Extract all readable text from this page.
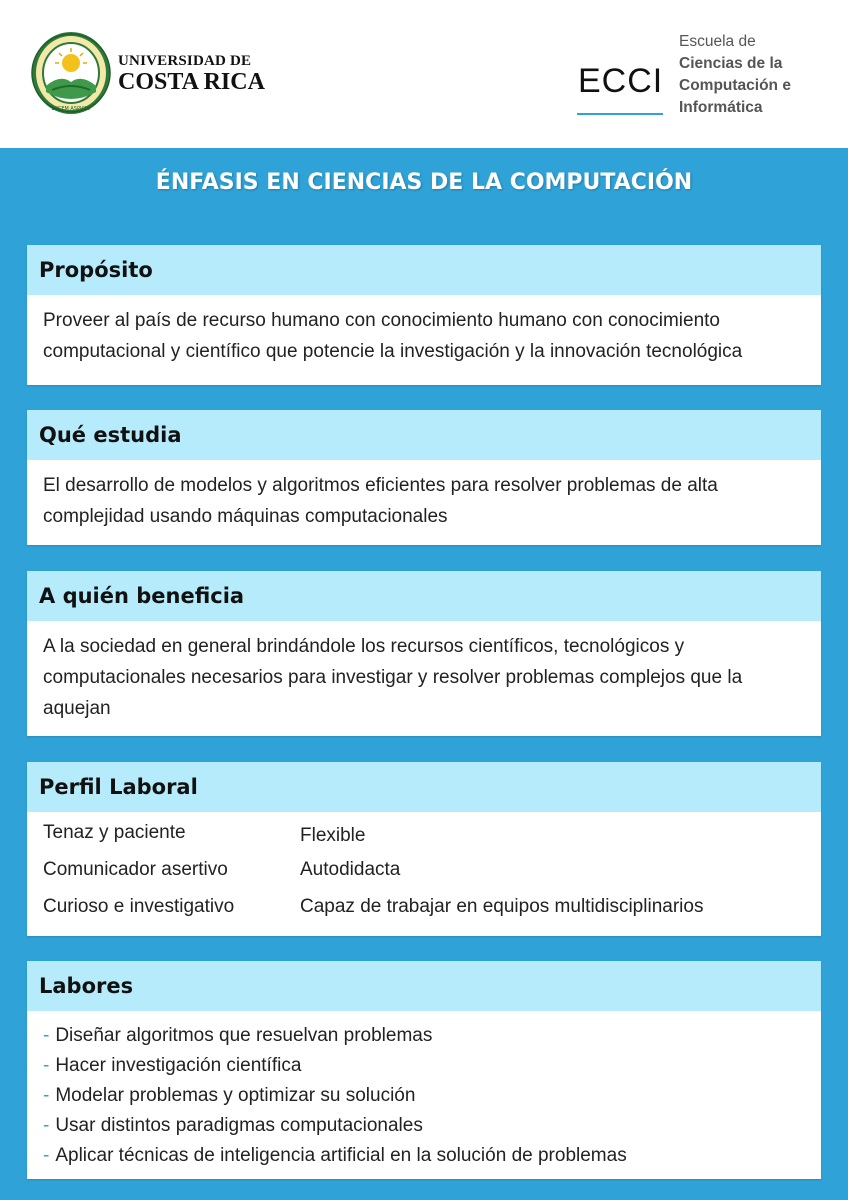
LUCEM ASPICIO
UNIVERSIDAD DE
COSTA RICA	ECCI
Escuela de
Ciencias de la
Computación e
Informática
ÉNFASIS EN CIENCIAS DE LA COMPUTACIÓN
Propósito
Proveer al país de recurso humano con conocimiento humano con conocimiento
computacional y científico que potencie la investigación y la innovación tecnológica
Qué estudia
El desarrollo de modelos y algoritmos eficientes para resolver problemas de alta
complejidad usando máquinas computacionales
A quién beneficia
A la sociedad en general brindándole los recursos científicos, tecnológicos y
computacionales necesarios para investigar y resolver problemas complejos que la
aquejan
Perfil Laboral
Tenaz y paciente
Comunicador asertivo
Curioso e investigativo
Flexible
Autodidacta
Capaz de trabajar en equipos multidisciplinarios
Labores
- Diseñar algoritmos que resuelvan problemas
- Hacer investigación científica
- Modelar problemas y optimizar su solución
- Usar distintos paradigmas computacionales
- Aplicar técnicas de inteligencia artificial en la solución de problemas
